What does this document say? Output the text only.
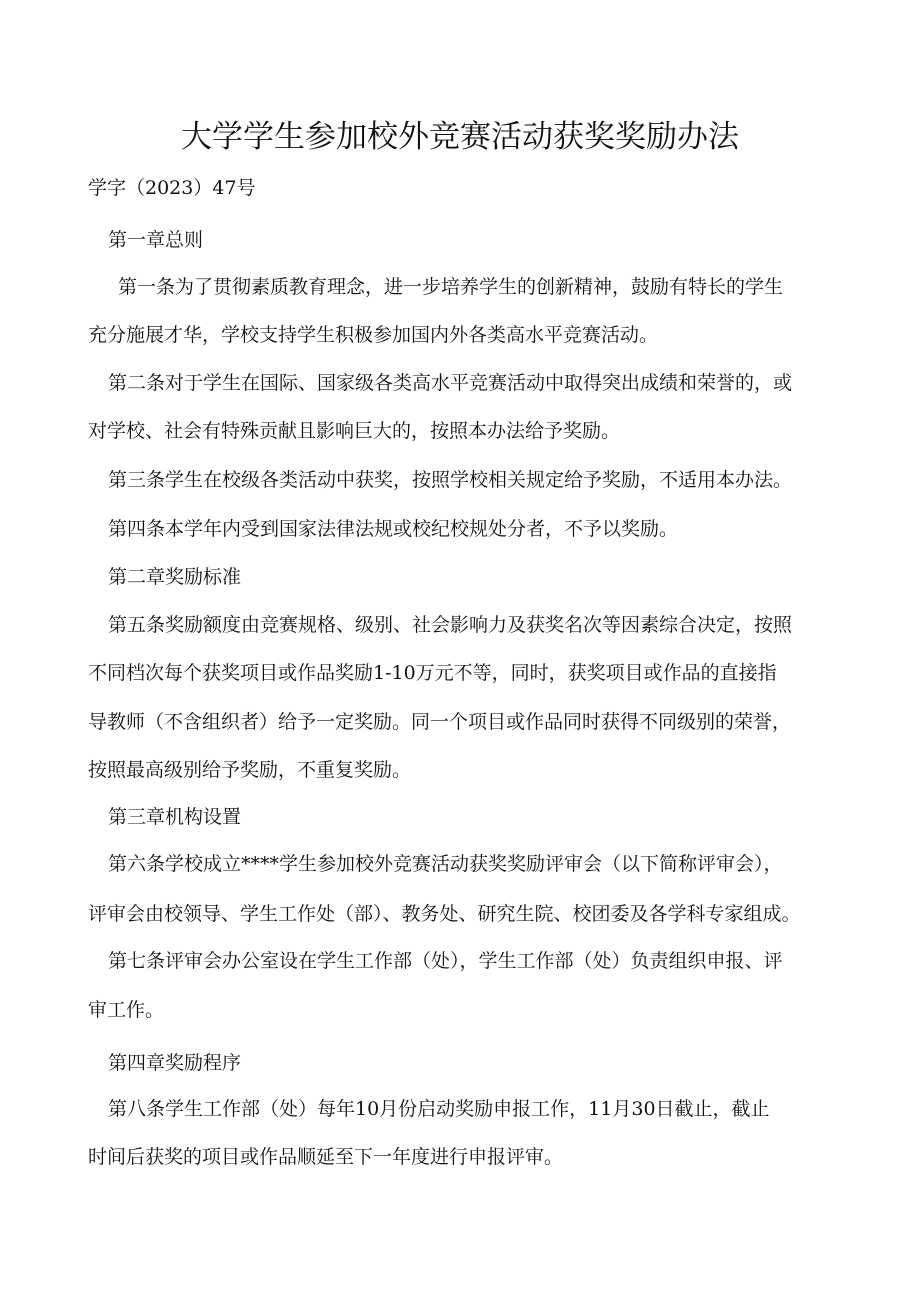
大学学生参加校外竞赛活动获奖奖励办法
学字（2023）47号
第一章总则
第一条为了贯彻素质教育理念，进一步培养学生的创新精神，鼓励有特长的学生
充分施展才华，学校支持学生积极参加国内外各类高水平竞赛活动。
第二条对于学生在国际、国家级各类高水平竞赛活动中取得突出成绩和荣誉的，或
对学校、社会有特殊贡献且影响巨大的，按照本办法给予奖励。
第三条学生在校级各类活动中获奖，按照学校相关规定给予奖励，不适用本办法。
第四条本学年内受到国家法律法规或校纪校规处分者，不予以奖励。
第二章奖励标准
第五条奖励额度由竞赛规格、级别、社会影响力及获奖名次等因素综合决定，按照
不同档次每个获奖项目或作品奖励1-10万元不等，同时，获奖项目或作品的直接指
导教师（不含组织者）给予一定奖励。同一个项目或作品同时获得不同级别的荣誉，
按照最高级别给予奖励，不重复奖励。
第三章机构设置
第六条学校成立****学生参加校外竞赛活动获奖奖励评审会（以下简称评审会），
评审会由校领导、学生工作处（部）、教务处、研究生院、校团委及各学科专家组成。
第七条评审会办公室设在学生工作部（处），学生工作部（处）负责组织申报、评
审工作。
第四章奖励程序
第八条学生工作部（处）每年10月份启动奖励申报工作，11月30日截止，截止
时间后获奖的项目或作品顺延至下一年度进行申报评审。
